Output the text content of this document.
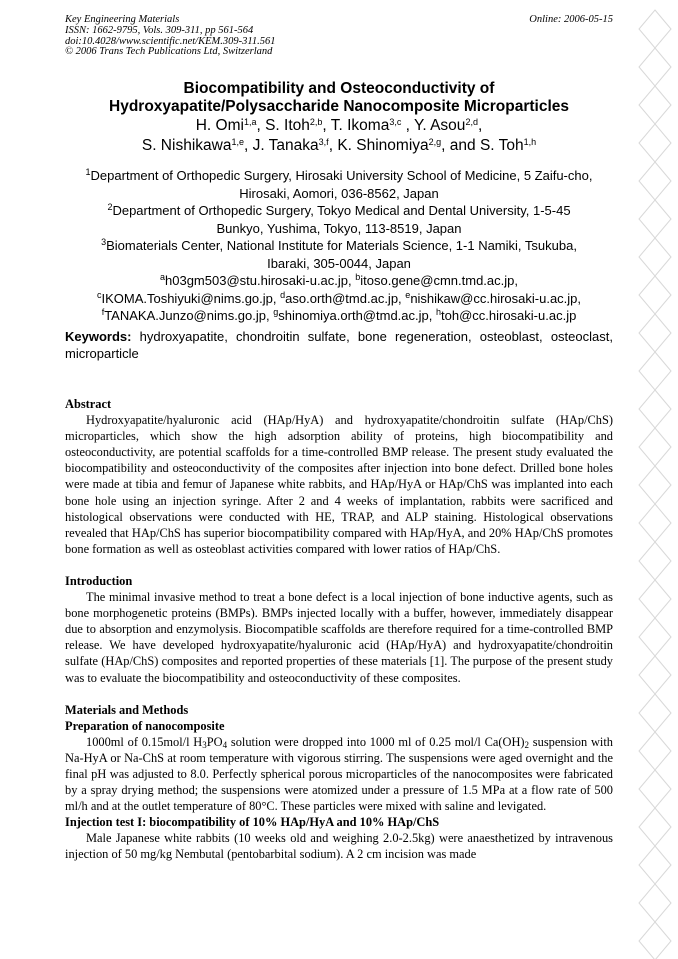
Key Engineering Materials	Online: 2006-05-15
ISSN: 1662-9795, Vols. 309-311, pp 561-564
doi:10.4028/www.scientific.net/KEM.309-311.561
© 2006 Trans Tech Publications Ltd, Switzerland
Biocompatibility and Osteoconductivity of
Hydroxyapatite/Polysaccharide Nanocomposite Microparticles
H. Omi$^{1,a}$, S. Itoh$^{2,b}$, T. Ikoma$^{3,c}$ , Y. Asou$^{2,d}$,
S. Nishikawa$^{1,e}$, J. Tanaka$^{3,f}$, K. Shinomiya$^{2,g}$, and S. Toh$^{1,h}$
$^1$Department of Orthopedic Surgery, Hirosaki University School of Medicine, 5 Zaifu-cho,
Hirosaki, Aomori, 036-8562, Japan
$^2$Department of Orthopedic Surgery, Tokyo Medical and Dental University, 1-5-45
Bunkyo, Yushima, Tokyo, 113-8519, Japan
$^3$Biomaterials Center, National Institute for Materials Science, 1-1 Namiki, Tsukuba,
Ibaraki, 305-0044, Japan
$^a$h03gm503@stu.hirosaki-u.ac.jp, $^b$itoso.gene@cmn.tmd.ac.jp,
$^c$IKOMA.Toshiyuki@nims.go.jp, $^d$aso.orth@tmd.ac.jp, $^e$nishikaw@cc.hirosaki-u.ac.jp,
$^f$TANAKA.Junzo@nims.go.jp, $^g$shinomiya.orth@tmd.ac.jp, $^h$toh@cc.hirosaki-u.ac.jp
Keywords: hydroxyapatite, chondroitin sulfate, bone regeneration, osteoblast, osteoclast, microparticle
Abstract

Hydroxyapatite/hyaluronic acid (HAp/HyA) and hydroxyapatite/chondroitin sulfate (HAp/ChS) microparticles, which show the high adsorption ability of proteins, high biocompatibility and osteoconductivity, are potential scaffolds for a time-controlled BMP release. The present study evaluated the biocompatibility and osteoconductivity of the composites after injection into bone defect. Drilled bone holes were made at tibia and femur of Japanese white rabbits, and HAp/HyA or HAp/ChS was implanted into each bone hole using an injection syringe. After 2 and 4 weeks of implantation, rabbits were sacrificed and histological observations were conducted with HE, TRAP, and ALP staining. Histological observations revealed that HAp/ChS has superior biocompatibility compared with HAp/HyA, and 20% HAp/ChS promotes bone formation as well as osteoblast activities compared with lower ratios of HAp/ChS.

Introduction

The minimal invasive method to treat a bone defect is a local injection of bone inductive agents, such as bone morphogenetic proteins (BMPs). BMPs injected locally with a buffer, however, immediately disappear due to absorption and enzymolysis. Biocompatible scaffolds are therefore required for a time-controlled BMP release. We have developed hydroxyapatite/hyaluronic acid (HAp/HyA) and hydroxyapatite/chondroitin sulfate (HAp/ChS) composites and reported properties of these materials [1]. The purpose of the present study was to evaluate the biocompatibility and osteoconductivity of these composites.

Materials and Methods
Preparation of nanocomposite

1000ml of 0.15mol/l $H_3PO_4$ solution were dropped into 1000 ml of 0.25 mol/l $Ca(OH)_2$ suspension with Na-HyA or Na-ChS at room temperature with vigorous stirring. The suspensions were aged overnight and the final pH was adjusted to 8.0. Perfectly spherical porous microparticles of the nanocomposites were fabricated by a spray drying method; the suspensions were atomized under a pressure of 1.5 MPa at a flow rate of 500 ml/h and at the outlet temperature of 80°C. These particles were mixed with saline and levigated.

Injection test I: biocompatibility of 10% HAp/HyA and 10% HAp/ChS

Male Japanese white rabbits (10 weeks old and weighing 2.0-2.5kg) were anaesthetized by intravenous injection of 50 mg/kg Nembutal (pentobarbital sodium). A 2 cm incision was made
